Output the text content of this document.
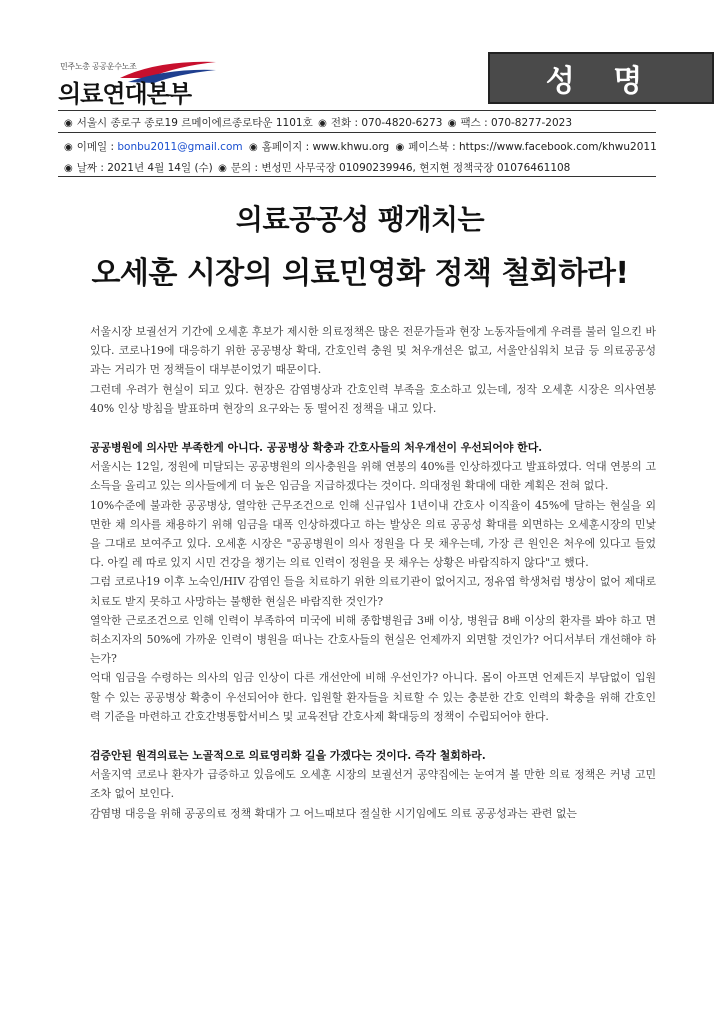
민주노총 공공운수노조
의료연대본부	성 명
◉ 서울시 종로구 종로19 르메이에르종로타운 1101호 ◉ 전화 : 070-4820-6273 ◉ 팩스 : 070-8277-2023
◉ 이메일 : bonbu2011@gmail.com ◉ 홈페이지 : www.khwu.org ◉ 페이스북 : https://www.facebook.com/khwu2011
◉ 날짜 : 2021년 4월 14일 (수) ◉ 문의 : 변성민 사무국장 01090239946, 현지현 정책국장 01076461108
의료공공성 팽개치는
오세훈 시장의 의료민영화 정책 철회하라!

서울시장 보궐선거 기간에 오세훈 후보가 제시한 의료정책은 많은 전문가들과 현장 노동자들에게 우려를 불러 일으킨 바 있다. 코로나19에 대응하기 위한 공공병상 확대, 간호인력 충원 및 처우개선은 없고, 서울안심워치 보급 등 의료공공성과는 거리가 먼 정책들이 대부분이었기 때문이다.

그런데 우려가 현실이 되고 있다. 현장은 감염병상과 간호인력 부족을 호소하고 있는데, 정작 오세훈 시장은 의사연봉 40% 인상 방침을 발표하며 현장의 요구와는 동 떨어진 정책을 내고 있다.

공공병원에 의사만 부족한게 아니다. 공공병상 확충과 간호사들의 처우개선이 우선되어야 한다.

서울시는 12일, 정원에 미달되는 공공병원의 의사충원을 위해 연봉의 40%를 인상하겠다고 발표하였다. 억대 연봉의 고소득을 올리고 있는 의사들에게 더 높은 임금을 지급하겠다는 것이다. 의대정원 확대에 대한 계획은 전혀 없다.

10%수준에 불과한 공공병상, 열악한 근무조건으로 인해 신규입사 1년이내 간호사 이직율이 45%에 달하는 현실을 외면한 채 의사를 채용하기 위해 임금을 대폭 인상하겠다고 하는 발상은 의료 공공성 확대를 외면하는 오세훈시장의 민낯을 그대로 보여주고 있다. 오세훈 시장은 "공공병원이 의사 정원을 다 못 채우는데, 가장 큰 원인은 처우에 있다고 들었다. 아킬 레 따로 있지 시민 건강을 챙기는 의료 인력이 정원을 못 채우는 상황은 바람직하지 않다"고 했다.

그럼 코로나19 이후 노숙인/HIV 감염인 들을 치료하기 위한 의료기관이 없어지고, 정유엽 학생처럼 병상이 없어 제대로 치료도 받지 못하고 사망하는 불행한 현실은 바람직한 것인가?

열악한 근로조건으로 인해 인력이 부족하여 미국에 비해 종합병원급 3배 이상, 병원급 8배 이상의 환자를 봐야 하고 면허소지자의 50%에 가까운 인력이 병원을 떠나는 간호사들의 현실은 언제까지 외면할 것인가? 어디서부터 개선해야 하는가?

억대 임금을 수령하는 의사의 임금 인상이 다른 개선안에 비해 우선인가? 아니다. 몸이 아프면 언제든지 부담없이 입원 할 수 있는 공공병상 확충이 우선되어야 한다. 입원할 환자들을 치료할 수 있는 충분한 간호 인력의 확충을 위해 간호인력 기준을 마련하고 간호간병통합서비스 및 교육전담 간호사제 확대등의 정책이 수립되어야 한다.

검증안된 원격의료는 노골적으로 의료영리화 길을 가겠다는 것이다. 즉각 철회하라.

서울지역 코로나 환자가 급증하고 있음에도 오세훈 시장의 보궐선거 공약집에는 눈여겨 볼 만한 의료 정책은 커녕 고민조차 없어 보인다.

감염병 대응을 위해 공공의료 정책 확대가 그 어느때보다 절실한 시기임에도 의료 공공성과는 관련 없는
